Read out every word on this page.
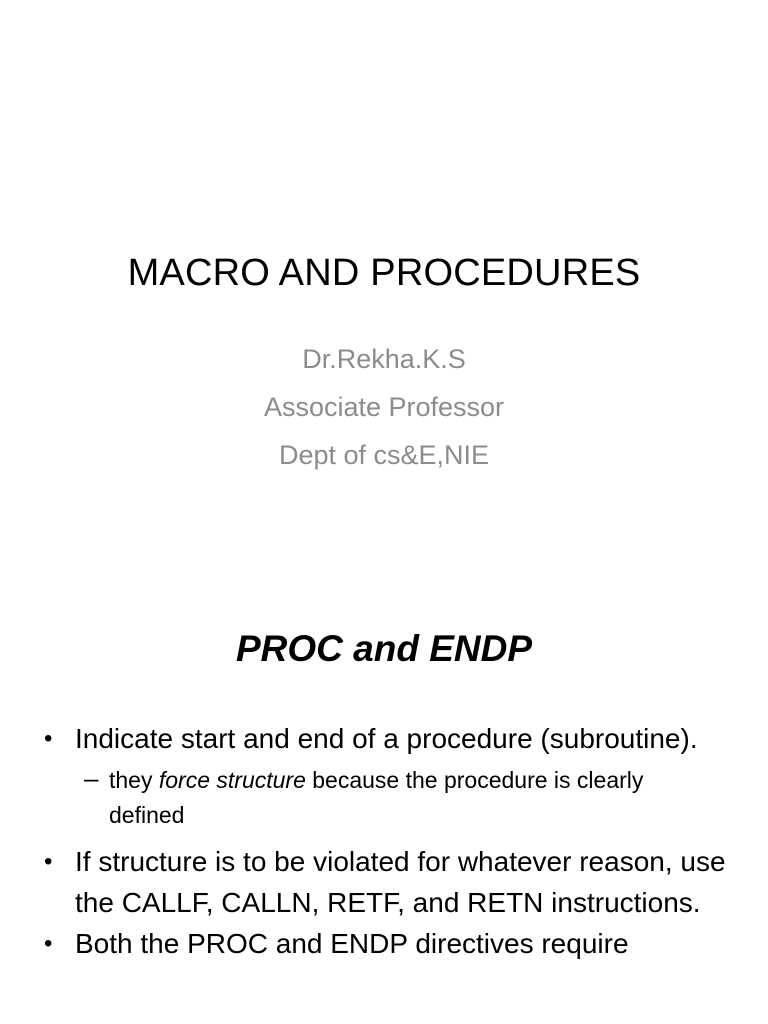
MACRO AND PROCEDURES
Dr.Rekha.K.S
Associate Professor
Dept of cs&E,NIE
PROC and ENDP
• Indicate start and end of a procedure (subroutine).
– they force structure because the procedure is clearly defined
• If structure is to be violated for whatever reason, use the CALLF, CALLN, RETF, and RETN instructions.
• Both the PROC and ENDP directives require
